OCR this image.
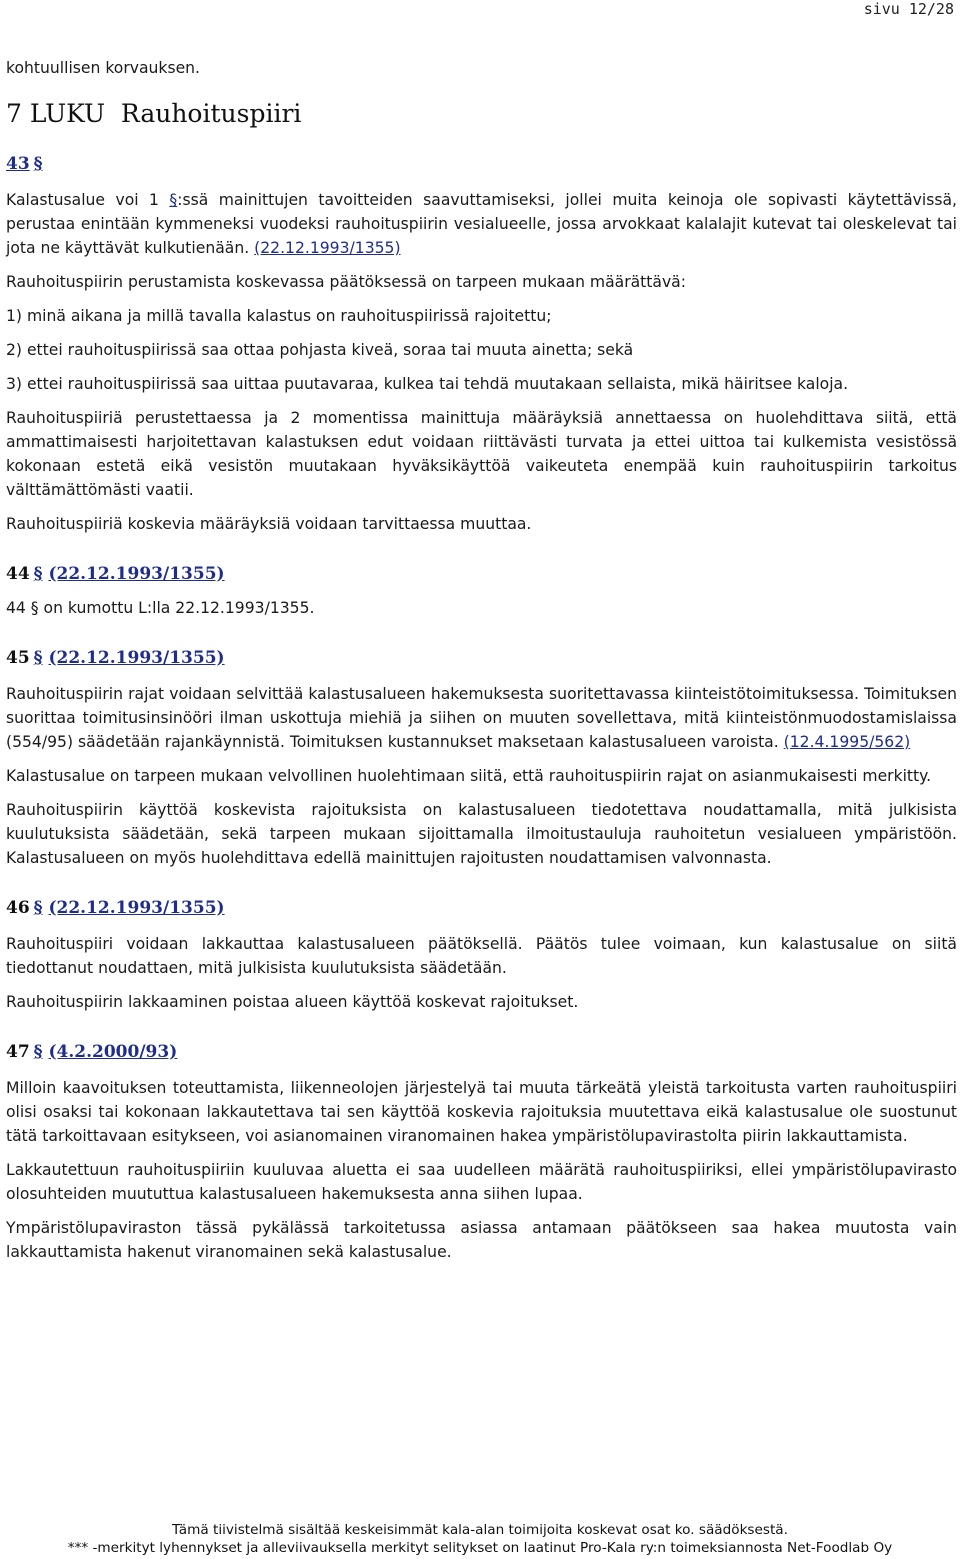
sivu 12/28

kohtuullisen korvauksen.

7 LUKU Rauhoituspiiri
43 §

Kalastusalue voi 1 §:ssä mainittujen tavoitteiden saavuttamiseksi, jollei muita keinoja ole sopivasti käytettävissä, perustaa enintään kymmeneksi vuodeksi rauhoituspiirin vesialueelle, jossa arvokkaat kalalajit kutevat tai oleskelevat tai jota ne käyttävät kulkutienään. (22.12.1993/1355)

Rauhoituspiirin perustamista koskevassa päätöksessä on tarpeen mukaan määrättävä:

1) minä aikana ja millä tavalla kalastus on rauhoituspiirissä rajoitettu;

2) ettei rauhoituspiirissä saa ottaa pohjasta kiveä, soraa tai muuta ainetta; sekä

3) ettei rauhoituspiirissä saa uittaa puutavaraa, kulkea tai tehdä muutakaan sellaista, mikä häiritsee kaloja.

Rauhoituspiiriä perustettaessa ja 2 momentissa mainittuja määräyksiä annettaessa on huolehdittava siitä, että ammattimaisesti harjoitettavan kalastuksen edut voidaan riittävästi turvata ja ettei uittoa tai kulkemista vesistössä kokonaan estetä eikä vesistön muutakaan hyväksikäyttöä vaikeuteta enempää kuin rauhoituspiirin tarkoitus välttämättömästi vaatii.

Rauhoituspiiriä koskevia määräyksiä voidaan tarvittaessa muuttaa.

44 § (22.12.1993/1355)

44 § on kumottu L:lla 22.12.1993/1355.

45 § (22.12.1993/1355)

Rauhoituspiirin rajat voidaan selvittää kalastusalueen hakemuksesta suoritettavassa kiinteistötoimituksessa. Toimituksen suorittaa toimitusinsinööri ilman uskottuja miehiä ja siihen on muuten sovellettava, mitä kiinteistönmuodostamislaissa (554/95) säädetään rajankäynnistä. Toimituksen kustannukset maksetaan kalastusalueen varoista. (12.4.1995/562)

Kalastusalue on tarpeen mukaan velvollinen huolehtimaan siitä, että rauhoituspiirin rajat on asianmukaisesti merkitty.

Rauhoituspiirin käyttöä koskevista rajoituksista on kalastusalueen tiedotettava noudattamalla, mitä julkisista kuulutuksista säädetään, sekä tarpeen mukaan sijoittamalla ilmoitustauluja rauhoitetun vesialueen ympäristöön. Kalastusalueen on myös huolehdittava edellä mainittujen rajoitusten noudattamisen valvonnasta.

46 § (22.12.1993/1355)

Rauhoituspiiri voidaan lakkauttaa kalastusalueen päätöksellä. Päätös tulee voimaan, kun kalastusalue on siitä tiedottanut noudattaen, mitä julkisista kuulutuksista säädetään.

Rauhoituspiirin lakkaaminen poistaa alueen käyttöä koskevat rajoitukset.

47 § (4.2.2000/93)

Milloin kaavoituksen toteuttamista, liikenneolojen järjestelyä tai muuta tärkeätä yleistä tarkoitusta varten rauhoituspiiri olisi osaksi tai kokonaan lakkautettava tai sen käyttöä koskevia rajoituksia muutettava eikä kalastusalue ole suostunut tätä tarkoittavaan esitykseen, voi asianomainen viranomainen hakea ympäristölupavirastolta piirin lakkauttamista.

Lakkautettuun rauhoituspiiriin kuuluvaa aluetta ei saa uudelleen määrätä rauhoituspiiriksi, ellei ympäristölupavirasto olosuhteiden muututtua kalastusalueen hakemuksesta anna siihen lupaa.

Ympäristölupaviraston tässä pykälässä tarkoitetussa asiassa antamaan päätökseen saa hakea muutosta vain lakkauttamista hakenut viranomainen sekä kalastusalue.

Tämä tiivistelmä sisältää keskeisimmät kala-alan toimijoita koskevat osat ko. säädöksestä.
*** -merkityt lyhennykset ja alleviivauksella merkityt selitykset on laatinut Pro-Kala ry:n toimeksiannosta Net-Foodlab Oy
